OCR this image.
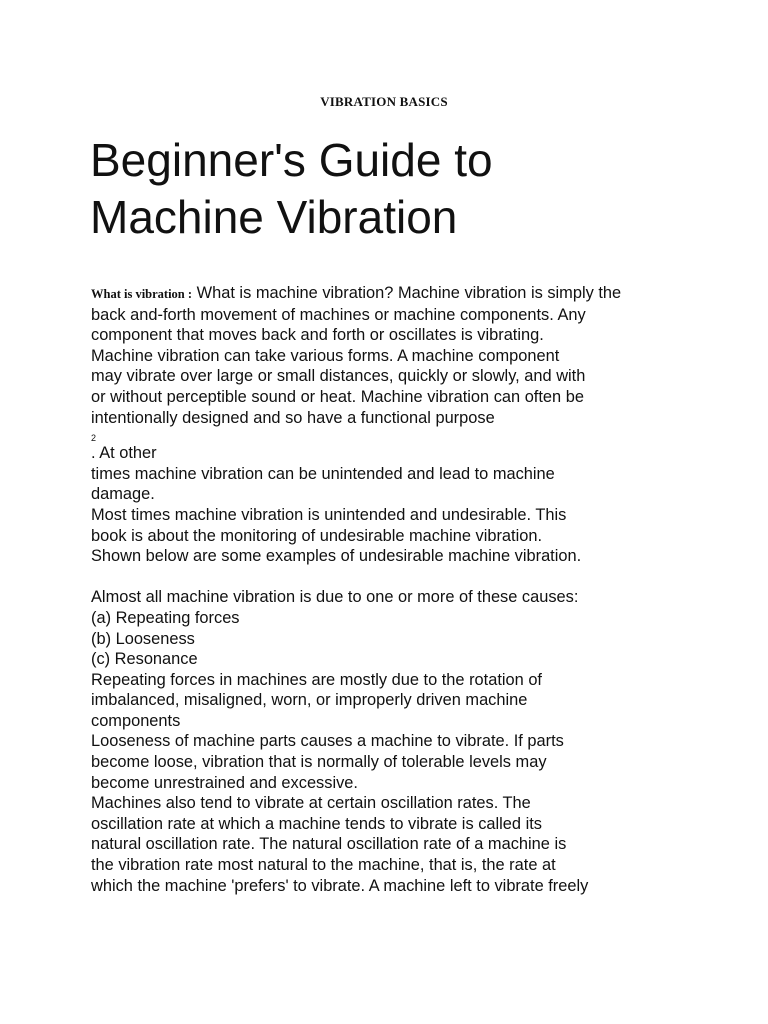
VIBRATION BASICS
Beginner's Guide to
Machine Vibration
What is vibration : What is machine vibration? Machine vibration is simply the
back and-forth movement of machines or machine components. Any
component that moves back and forth or oscillates is vibrating.
Machine vibration can take various forms. A machine component
may vibrate over large or small distances, quickly or slowly, and with
or without perceptible sound or heat. Machine vibration can often be
intentionally designed and so have a functional purpose
2
. At other
times machine vibration can be unintended and lead to machine
damage.
Most times machine vibration is unintended and undesirable. This
book is about the monitoring of undesirable machine vibration.
Shown below are some examples of undesirable machine vibration.
Almost all machine vibration is due to one or more of these causes:
(a) Repeating forces
(b) Looseness
(c) Resonance
Repeating forces in machines are mostly due to the rotation of
imbalanced, misaligned, worn, or improperly driven machine
components
Looseness of machine parts causes a machine to vibrate. If parts
become loose, vibration that is normally of tolerable levels may
become unrestrained and excessive.
Machines also tend to vibrate at certain oscillation rates. The
oscillation rate at which a machine tends to vibrate is called its
natural oscillation rate. The natural oscillation rate of a machine is
the vibration rate most natural to the machine, that is, the rate at
which the machine 'prefers' to vibrate. A machine left to vibrate freely
